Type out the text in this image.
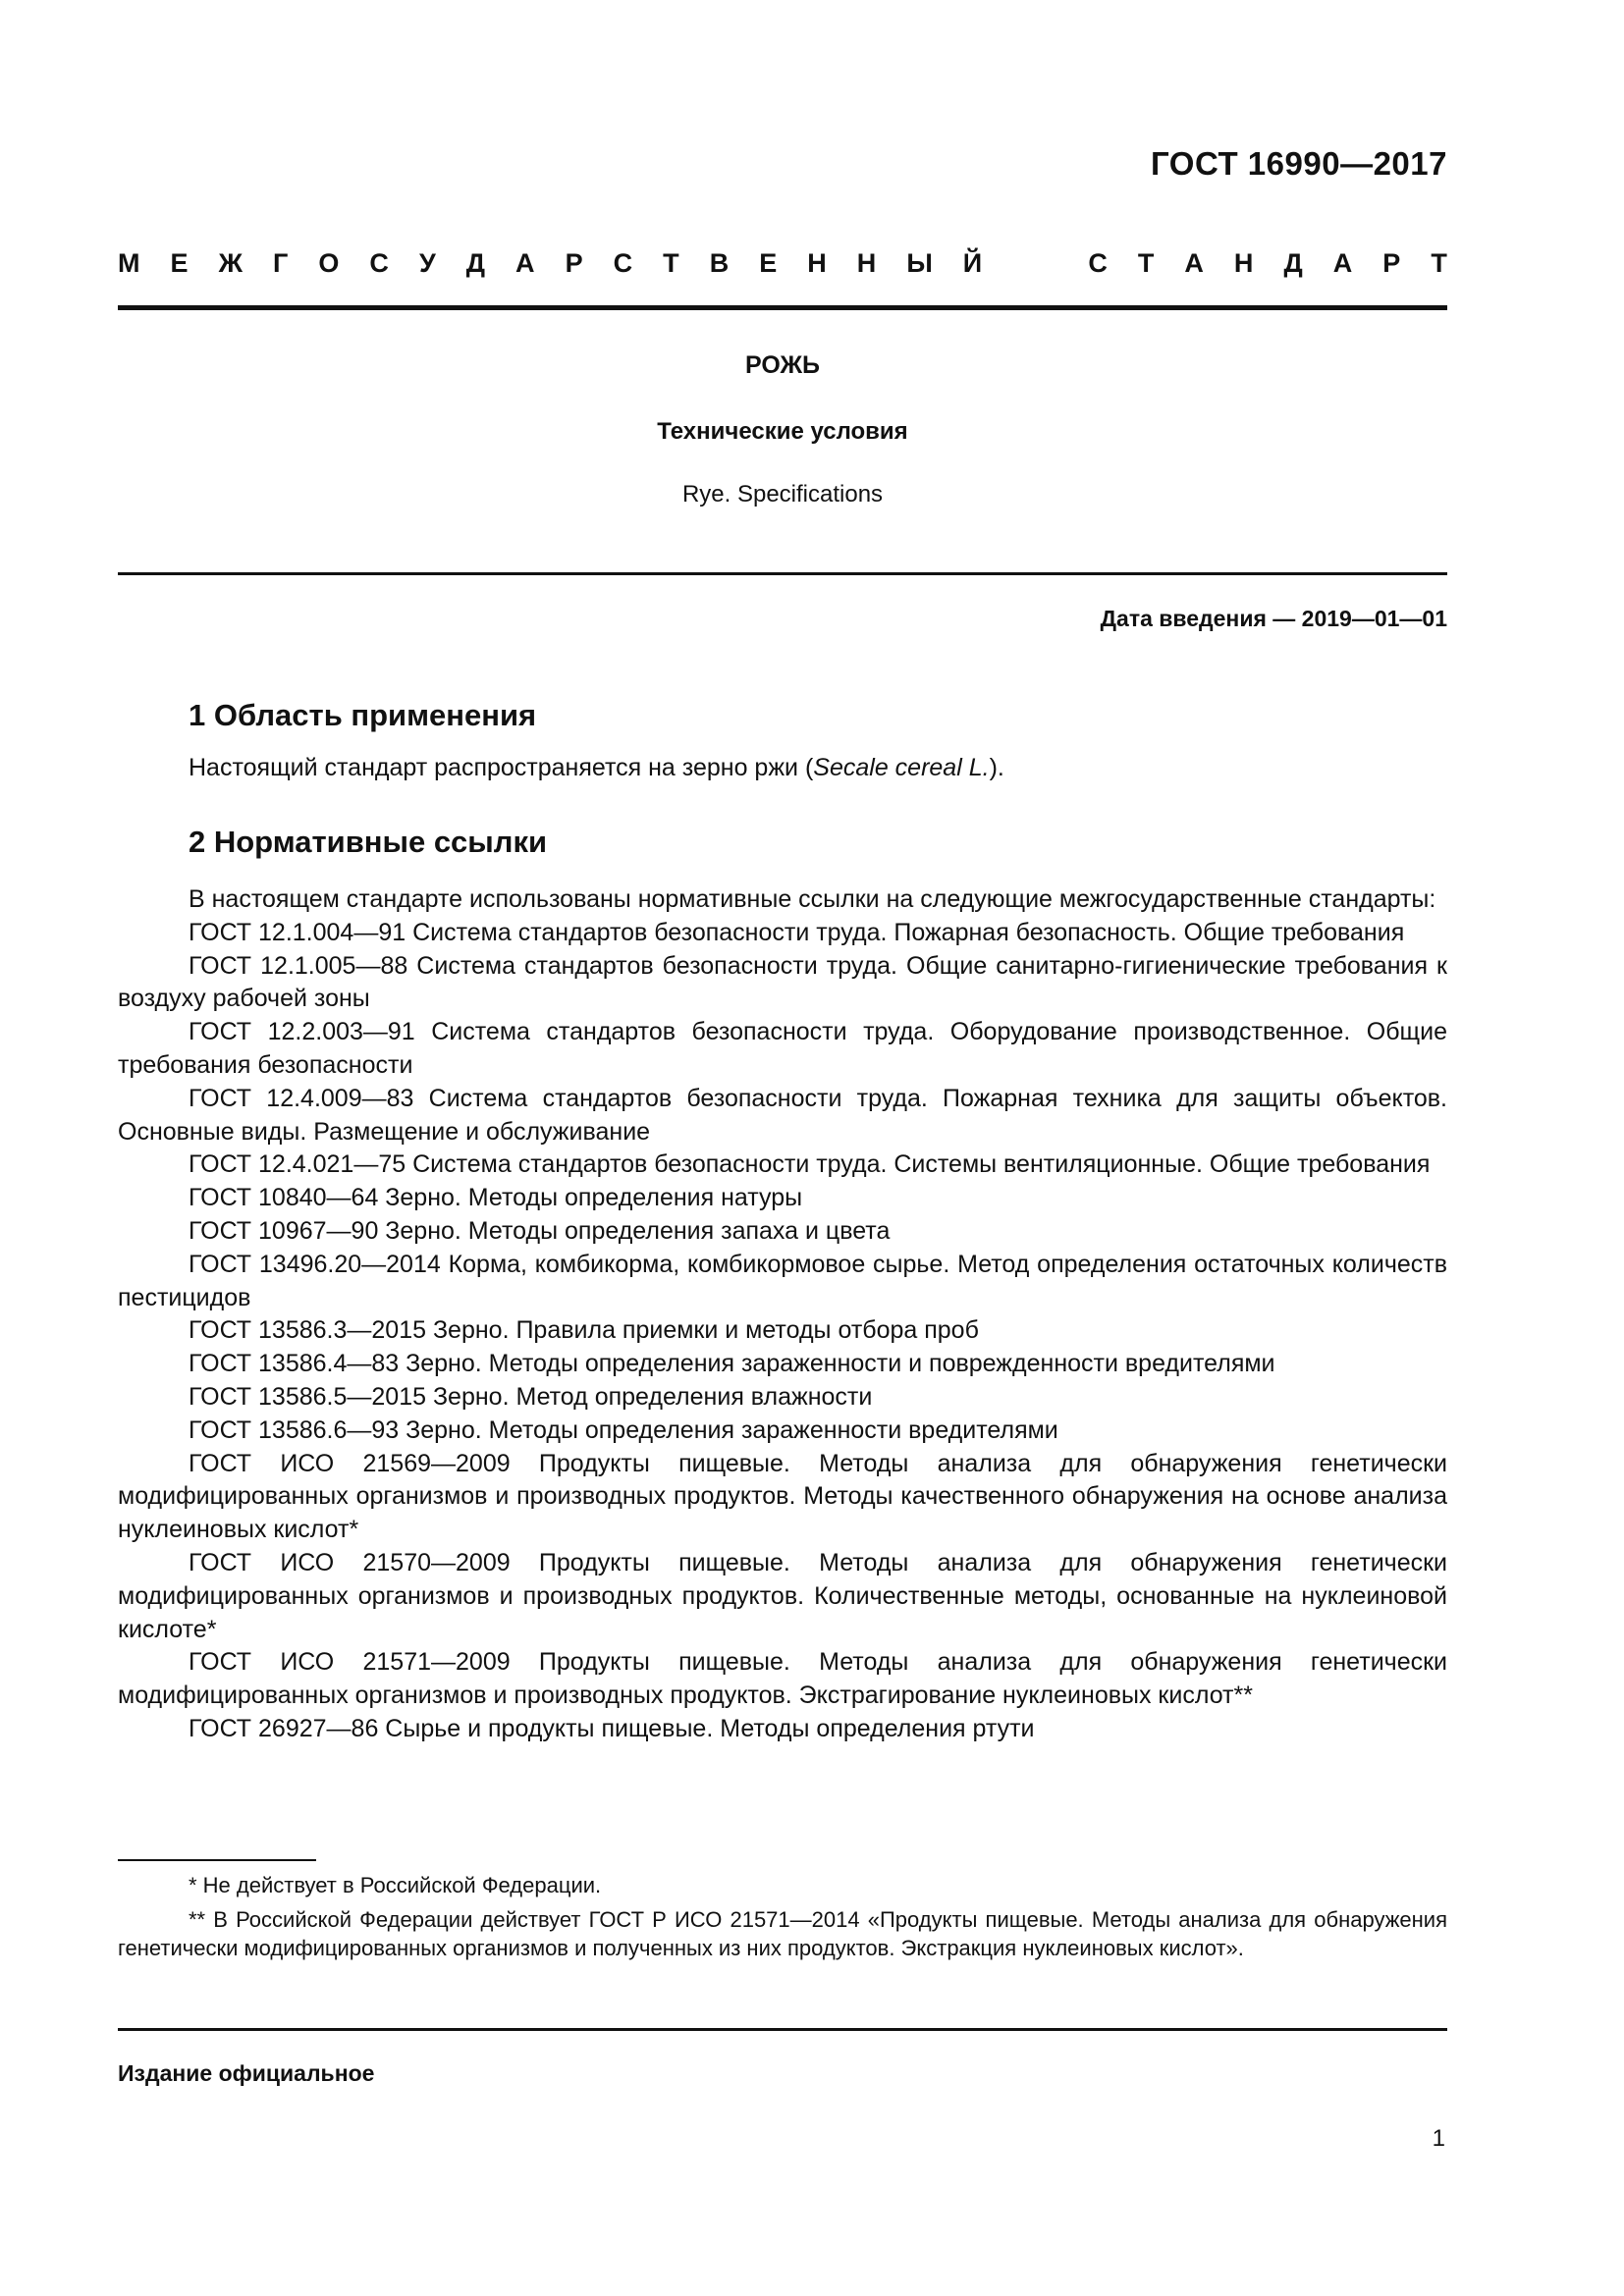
ГОСТ 16990—2017
М Е Ж Г О С У Д А Р С Т В Е Н Н Ы Й

	С Т А Н Д А Р Т
РОЖЬ
Технические условия
Rye. Specifications
Дата введения — 2019—01—01
1 Область применения

Настоящий стандарт распространяется на зерно ржи (Secale cereal L.).

2 Нормативные ссылки

В настоящем стандарте использованы нормативные ссылки на следующие межгосударственные стандарты:

ГОСТ 12.1.004—91 Система стандартов безопасности труда. Пожарная безопасность. Общие требования

ГОСТ 12.1.005—88 Система стандартов безопасности труда. Общие санитарно-гигиенические требования к воздуху рабочей зоны

ГОСТ 12.2.003—91 Система стандартов безопасности труда. Оборудование производственное. Общие требования безопасности

ГОСТ 12.4.009—83 Система стандартов безопасности труда. Пожарная техника для защиты объектов. Основные виды. Размещение и обслуживание

ГОСТ 12.4.021—75 Система стандартов безопасности труда. Системы вентиляционные. Общие требования

ГОСТ 10840—64 Зерно. Методы определения натуры

ГОСТ 10967—90 Зерно. Методы определения запаха и цвета

ГОСТ 13496.20—2014 Корма, комбикорма, комбикормовое сырье. Метод определения остаточных количеств пестицидов

ГОСТ 13586.3—2015 Зерно. Правила приемки и методы отбора проб

ГОСТ 13586.4—83 Зерно. Методы определения зараженности и поврежденности вредителями

ГОСТ 13586.5—2015 Зерно. Метод определения влажности

ГОСТ 13586.6—93 Зерно. Методы определения зараженности вредителями

ГОСТ ИСО 21569—2009 Продукты пищевые. Методы анализа для обнаружения генетически модифицированных организмов и производных продуктов. Методы качественного обнаружения на основе анализа нуклеиновых кислот*

ГОСТ ИСО 21570—2009 Продукты пищевые. Методы анализа для обнаружения генетически модифицированных организмов и производных продуктов. Количественные методы, основанные на нуклеиновой кислоте*

ГОСТ ИСО 21571—2009 Продукты пищевые. Методы анализа для обнаружения генетически модифицированных организмов и производных продуктов. Экстрагирование нуклеиновых кислот**

ГОСТ 26927—86 Сырье и продукты пищевые. Методы определения ртути

* Не действует в Российской Федерации.

** В Российской Федерации действует ГОСТ Р ИСО 21571—2014 «Продукты пищевые. Методы анализа для обнаружения генетически модифицированных организмов и полученных из них продуктов. Экстракция нуклеиновых кислот».

Издание официальное
1
